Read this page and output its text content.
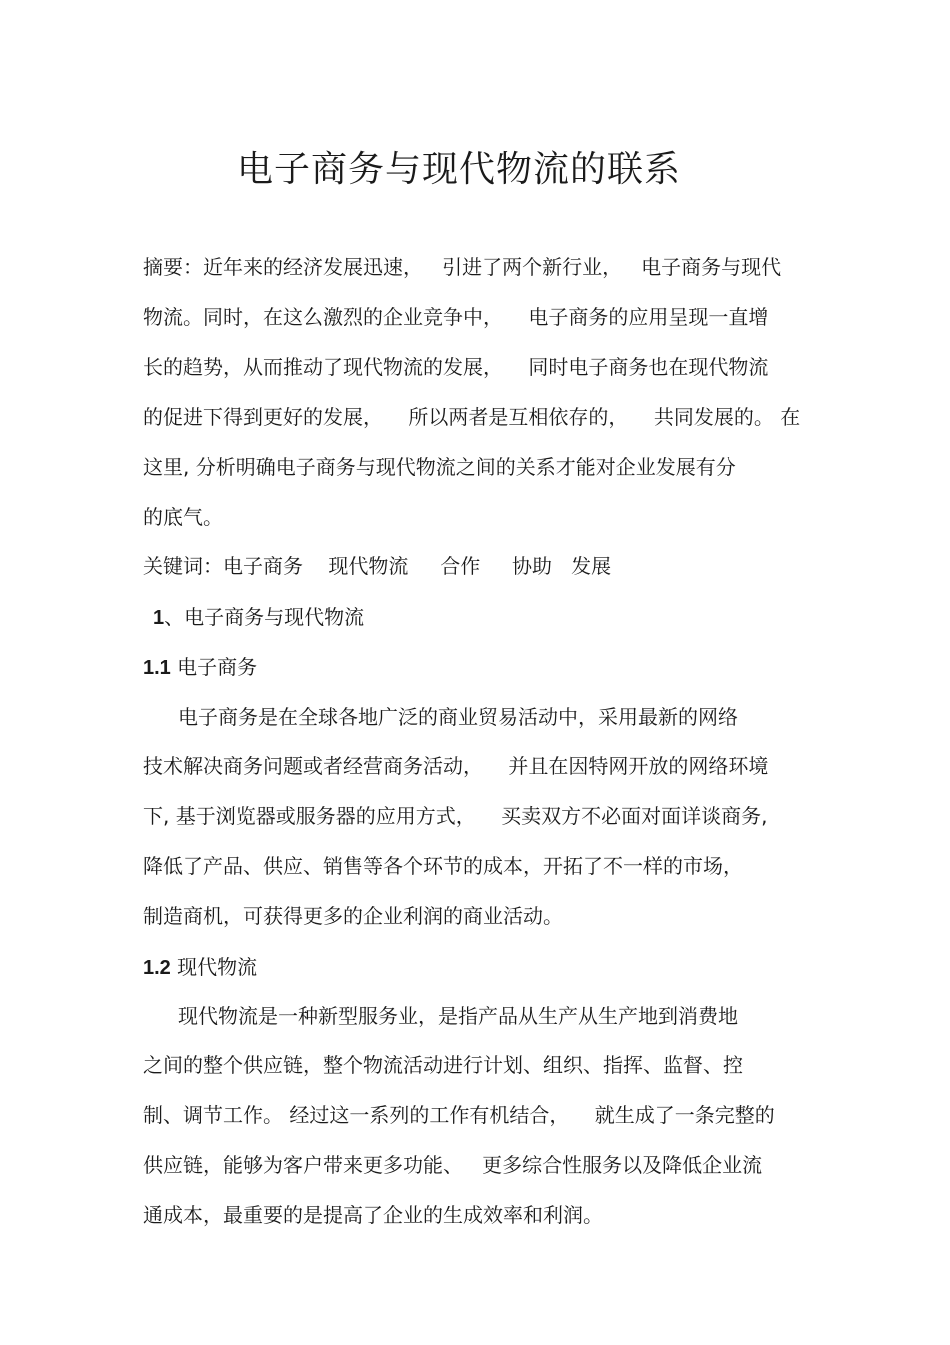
电子商务与现代物流的联系
摘要：近年来的经济发展迅速，   引进了两个新行业，   电子商务与现代
物流。同时，在这么激烈的企业竞争中，    电子商务的应用呈现一直增
长的趋势，从而推动了现代物流的发展，    同时电子商务也在现代物流
的促进下得到更好的发展，    所以两者是互相依存的，    共同发展的。 在
这里, 分析明确电子商务与现代物流之间的关系才能对企业发展有分
的底气。
关键词：电子商务    现代物流     合作     协助   发展
1、电子商务与现代物流
1.1 电子商务
电子商务是在全球各地广泛的商业贸易活动中，采用最新的网络
技术解决商务问题或者经营商务活动，    并且在因特网开放的网络环境
下, 基于浏览器或服务器的应用方式，    买卖双方不必面对面详谈商务,
降低了产品、供应、销售等各个环节的成本，开拓了不一样的市场，
制造商机，可获得更多的企业利润的商业活动。
1.2 现代物流
现代物流是一种新型服务业，是指产品从生产从生产地到消费地
之间的整个供应链，整个物流活动进行计划、组织、指挥、监督、控
制、调节工作。 经过这一系列的工作有机结合，    就生成了一条完整的
供应链，能够为客户带来更多功能、   更多综合性服务以及降低企业流
通成本，最重要的是提高了企业的生成效率和利润。
